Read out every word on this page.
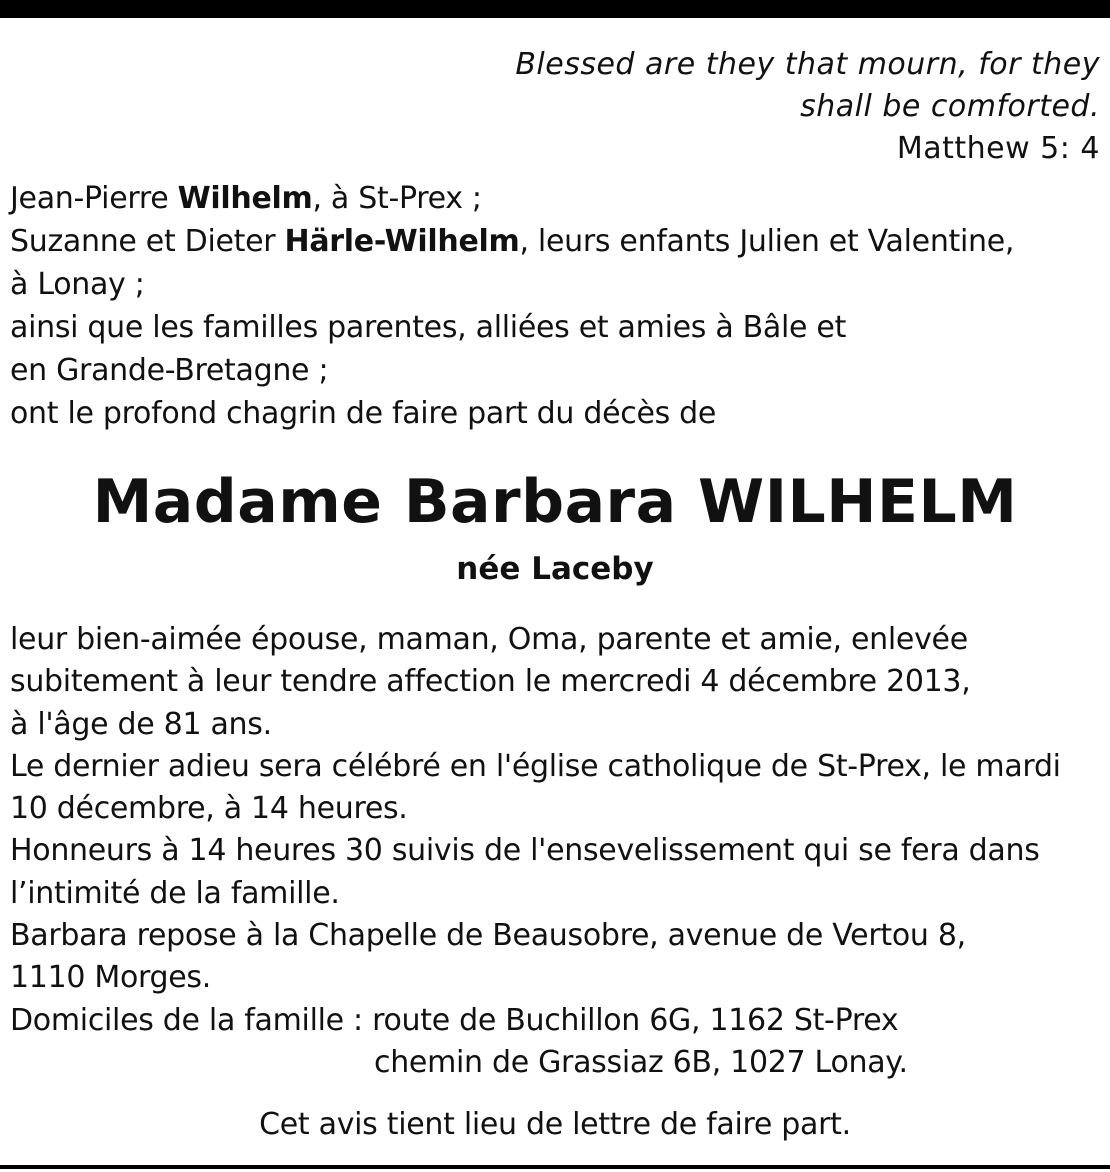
Blessed are they that mourn, for they
shall be comforted.
Matthew 5: 4
Jean-Pierre Wilhelm, à St-Prex ;
Suzanne et Dieter Härle-Wilhelm, leurs enfants Julien et Valentine,
à Lonay ;
ainsi que les familles parentes, alliées et amies à Bâle et
en Grande-Bretagne ;
ont le profond chagrin de faire part du décès de
Madame Barbara WILHELM
née Laceby
leur bien-aimée épouse, maman, Oma, parente et amie, enlevée
subitement à leur tendre affection le mercredi 4 décembre 2013,
à l'âge de 81 ans.
Le dernier adieu sera célébré en l'église catholique de St-Prex, le mardi
10 décembre, à 14 heures.
Honneurs à 14 heures 30 suivis de l'ensevelissement qui se fera dans
l’intimité de la famille.
Barbara repose à la Chapelle de Beausobre, avenue de Vertou 8,
1110 Morges.
Domiciles de la famille : route de Buchillon 6G, 1162 St-Prex
chemin de Grassiaz 6B, 1027 Lonay.
Cet avis tient lieu de lettre de faire part.
